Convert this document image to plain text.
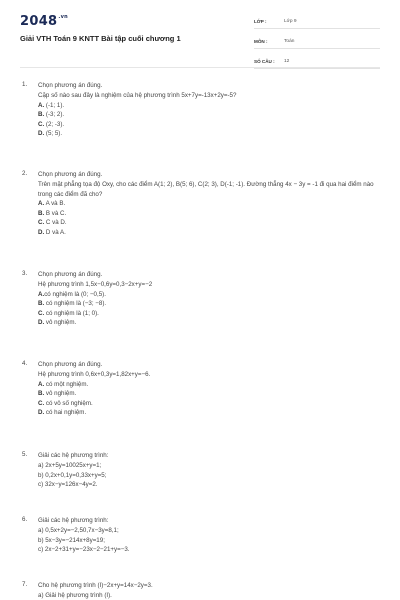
$2048^{.vn}$
Giải VTH Toán 9 KNTT Bài tập cuối chương 1
LỚP :	Lớp 9
MÔN :	Toán
SỐ CÂU :	12
1. Chọn phương án đúng.

Cặp số nào sau đây là nghiệm của hệ phương trình 5x+7y=-13x+2y=-5?

A. (-1; 1).
B. (-3; 2).
C. (2; -3).
D. (5; 5).
2. Chọn phương án đúng.

Trên mặt phẳng tọa độ Oxy, cho các điểm A(1; 2), B(5; 6), C(2; 3), D(-1; -1). Đường thẳng 4x − 3y = -1 đi qua hai điểm nào trong các điểm đã cho?

A. A và B.
B. B và C.
C. C và D.
D. D và A.
3. Chọn phương án đúng.

Hệ phương trình 1,5x−0,6y=0,3−2x+y=−2

A.có nghiệm là (0; −0,5).
B. có nghiệm là (−3; −8).
C. có nghiệm là (1; 0).
D. vô nghiệm.
4. Chọn phương án đúng.

Hệ phương trình 0,6x+0,3y=1,82x+y=−6.

A. có một nghiệm.
B. vô nghiệm.
C. có vô số nghiệm.
D. có hai nghiệm.
5. Giải các hệ phương trình:

a) 2x+5y=10025x+y=1;
b) 0,2x+0,1y=0,33x+y=5;
c) 32x−y=126x−4y=2.
6. Giải các hệ phương trình:

a) 0,5x+2y=−2,50,7x−3y=8,1;
b) 5x−3y=−214x+8y=19;
c) 2x−2+31+y=−23x−2−21+y=−3.
7. Cho hệ phương trình (I)−2x+y=14x−2y=3.

a) Giải hệ phương trình (I).
